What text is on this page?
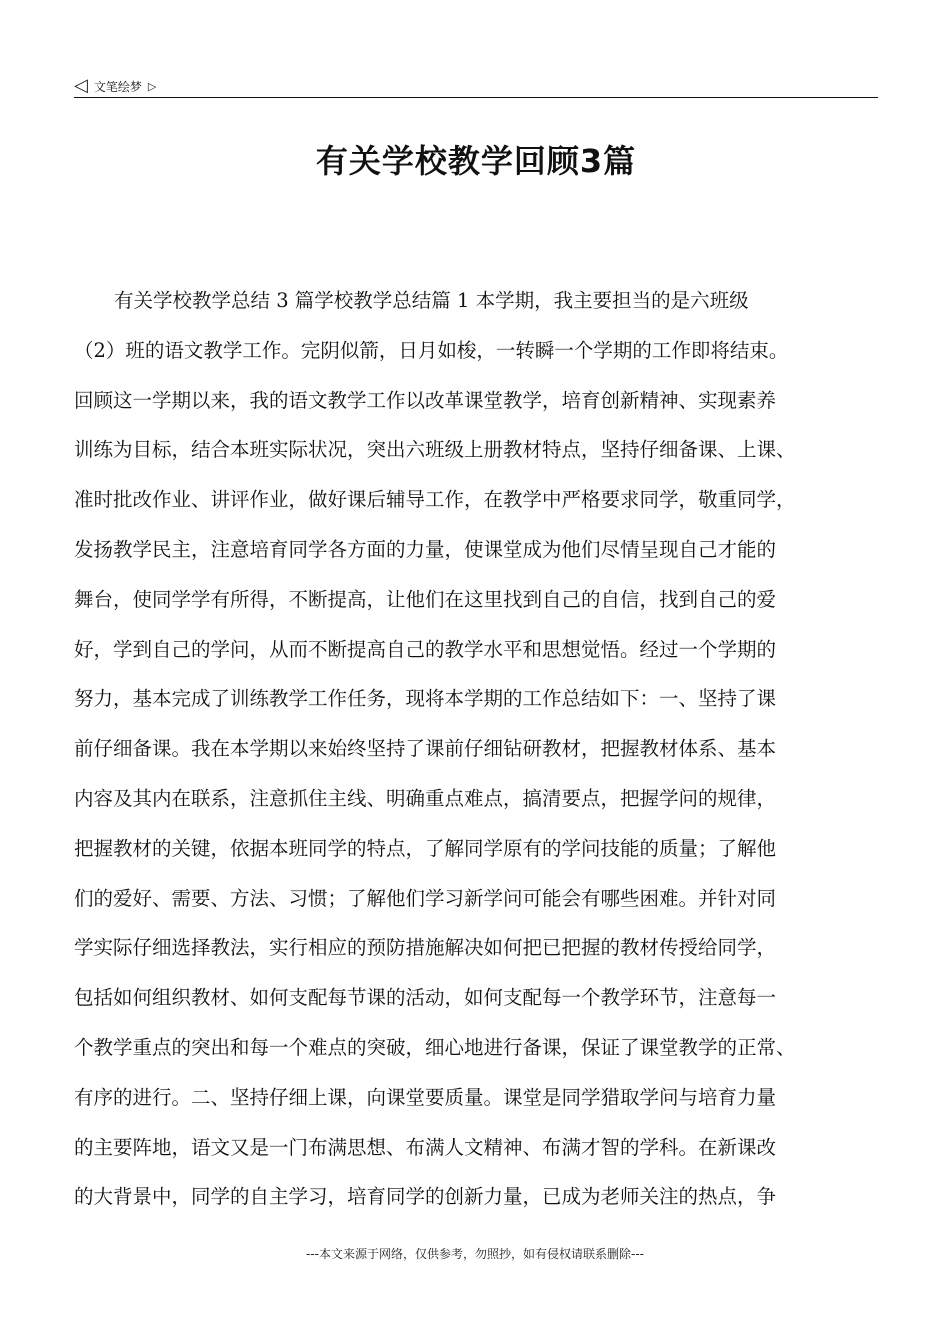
◁ 文笔绘梦 ▷
有关学校教学回顾3篇
有关学校教学总结 3 篇学校教学总结篇 1 本学期，我主要担当的是六班级
（2）班的语文教学工作。完阴似箭，日月如梭，一转瞬一个学期的工作即将结束。
回顾这一学期以来，我的语文教学工作以改革课堂教学，培育创新精神、实现素养
训练为目标，结合本班实际状况，突出六班级上册教材特点，坚持仔细备课、上课、
准时批改作业、讲评作业，做好课后辅导工作，在教学中严格要求同学，敬重同学，
发扬教学民主，注意培育同学各方面的力量，使课堂成为他们尽情呈现自己才能的
舞台，使同学学有所得，不断提高，让他们在这里找到自己的自信，找到自己的爱
好，学到自己的学问，从而不断提高自己的教学水平和思想觉悟。经过一个学期的
努力，基本完成了训练教学工作任务，现将本学期的工作总结如下：一、坚持了课
前仔细备课。我在本学期以来始终坚持了课前仔细钻研教材，把握教材体系、基本
内容及其内在联系，注意抓住主线、明确重点难点，搞清要点，把握学问的规律，
把握教材的关键，依据本班同学的特点，了解同学原有的学问技能的质量；了解他
们的爱好、需要、方法、习惯；了解他们学习新学问可能会有哪些困难。并针对同
学实际仔细选择教法，实行相应的预防措施解决如何把已把握的教材传授给同学，
包括如何组织教材、如何支配每节课的活动，如何支配每一个教学环节，注意每一
个教学重点的突出和每一个难点的突破，细心地进行备课，保证了课堂教学的正常、
有序的进行。二、坚持仔细上课，向课堂要质量。课堂是同学猎取学问与培育力量
的主要阵地，语文又是一门布满思想、布满人文精神、布满才智的学科。在新课改
的大背景中，同学的自主学习，培育同学的创新力量，已成为老师关注的热点，争
---本文来源于网络，仅供参考，勿照抄，如有侵权请联系删除---
